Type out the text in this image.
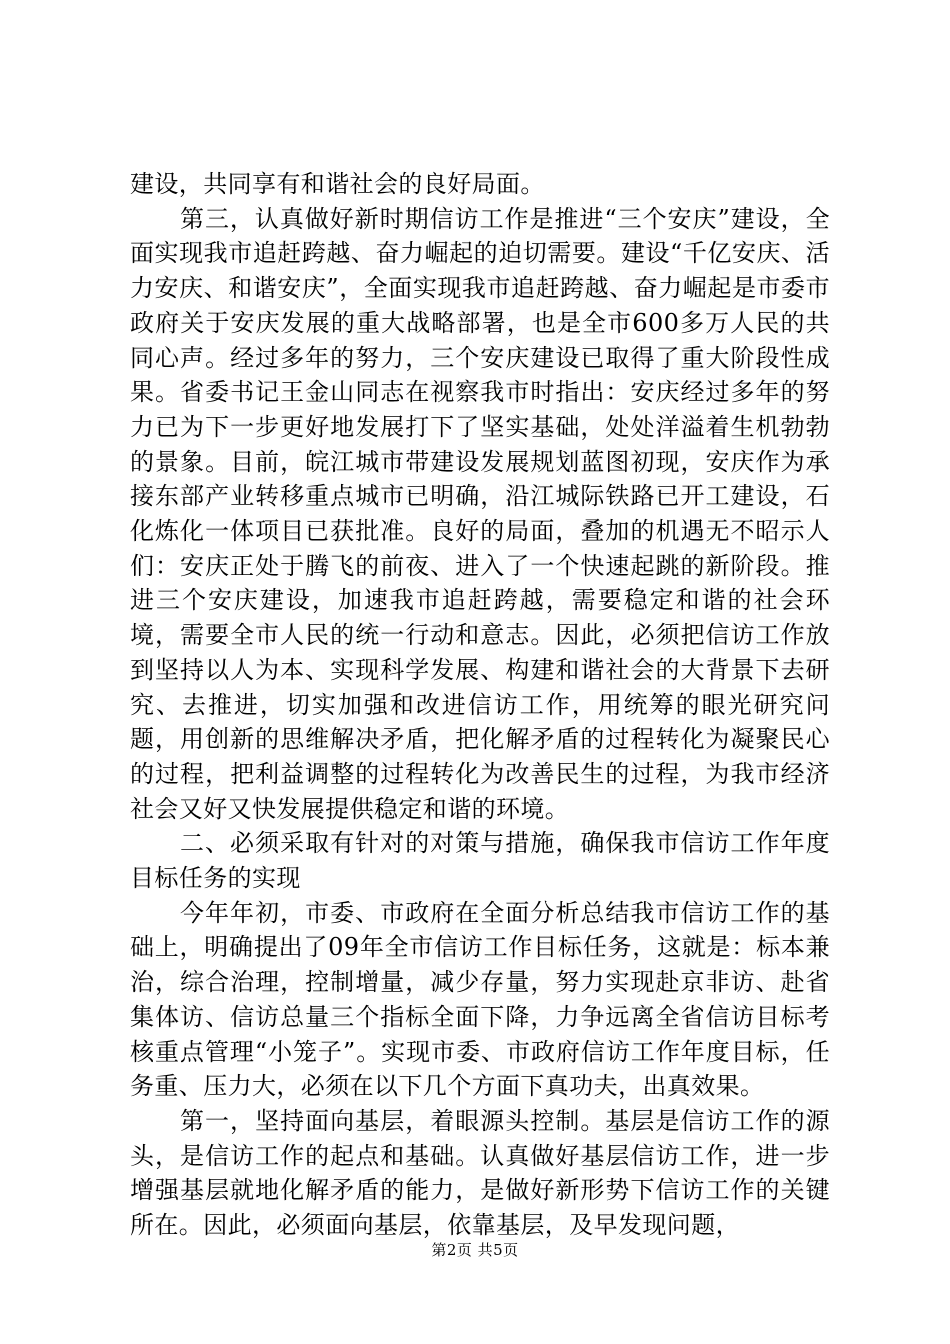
建设，共同享有和谐社会的良好局面。

第三，认真做好新时期信访工作是推进“三个安庆”建设，全面实现我市追赶跨越、奋力崛起的迫切需要。建设“千亿安庆、活力安庆、和谐安庆”，全面实现我市追赶跨越、奋力崛起是市委市政府关于安庆发展的重大战略部署，也是全市600多万人民的共同心声。经过多年的努力，三个安庆建设已取得了重大阶段性成果。省委书记王金山同志在视察我市时指出：安庆经过多年的努力已为下一步更好地发展打下了坚实基础，处处洋溢着生机勃勃的景象。目前，皖江城市带建设发展规划蓝图初现，安庆作为承接东部产业转移重点城市已明确，沿江城际铁路已开工建设，石化炼化一体项目已获批准。良好的局面，叠加的机遇无不昭示人们：安庆正处于腾飞的前夜、进入了一个快速起跳的新阶段。推进三个安庆建设，加速我市追赶跨越，需要稳定和谐的社会环境，需要全市人民的统一行动和意志。因此，必须把信访工作放到坚持以人为本、实现科学发展、构建和谐社会的大背景下去研究、去推进，切实加强和改进信访工作，用统筹的眼光研究问题，用创新的思维解决矛盾，把化解矛盾的过程转化为凝聚民心的过程，把利益调整的过程转化为改善民生的过程，为我市经济社会又好又快发展提供稳定和谐的环境。

二、必须采取有针对的对策与措施，确保我市信访工作年度目标任务的实现

今年年初，市委、市政府在全面分析总结我市信访工作的基础上，明确提出了09年全市信访工作目标任务，这就是：标本兼治，综合治理，控制增量，减少存量，努力实现赴京非访、赴省集体访、信访总量三个指标全面下降，力争远离全省信访目标考核重点管理“小笼子”。实现市委、市政府信访工作年度目标，任务重、压力大，必须在以下几个方面下真功夫，出真效果。

第一，坚持面向基层，着眼源头控制。基层是信访工作的源头，是信访工作的起点和基础。认真做好基层信访工作，进一步增强基层就地化解矛盾的能力，是做好新形势下信访工作的关键所在。因此，必须面向基层，依靠基层，及早发现问题，

第2页 共5页
